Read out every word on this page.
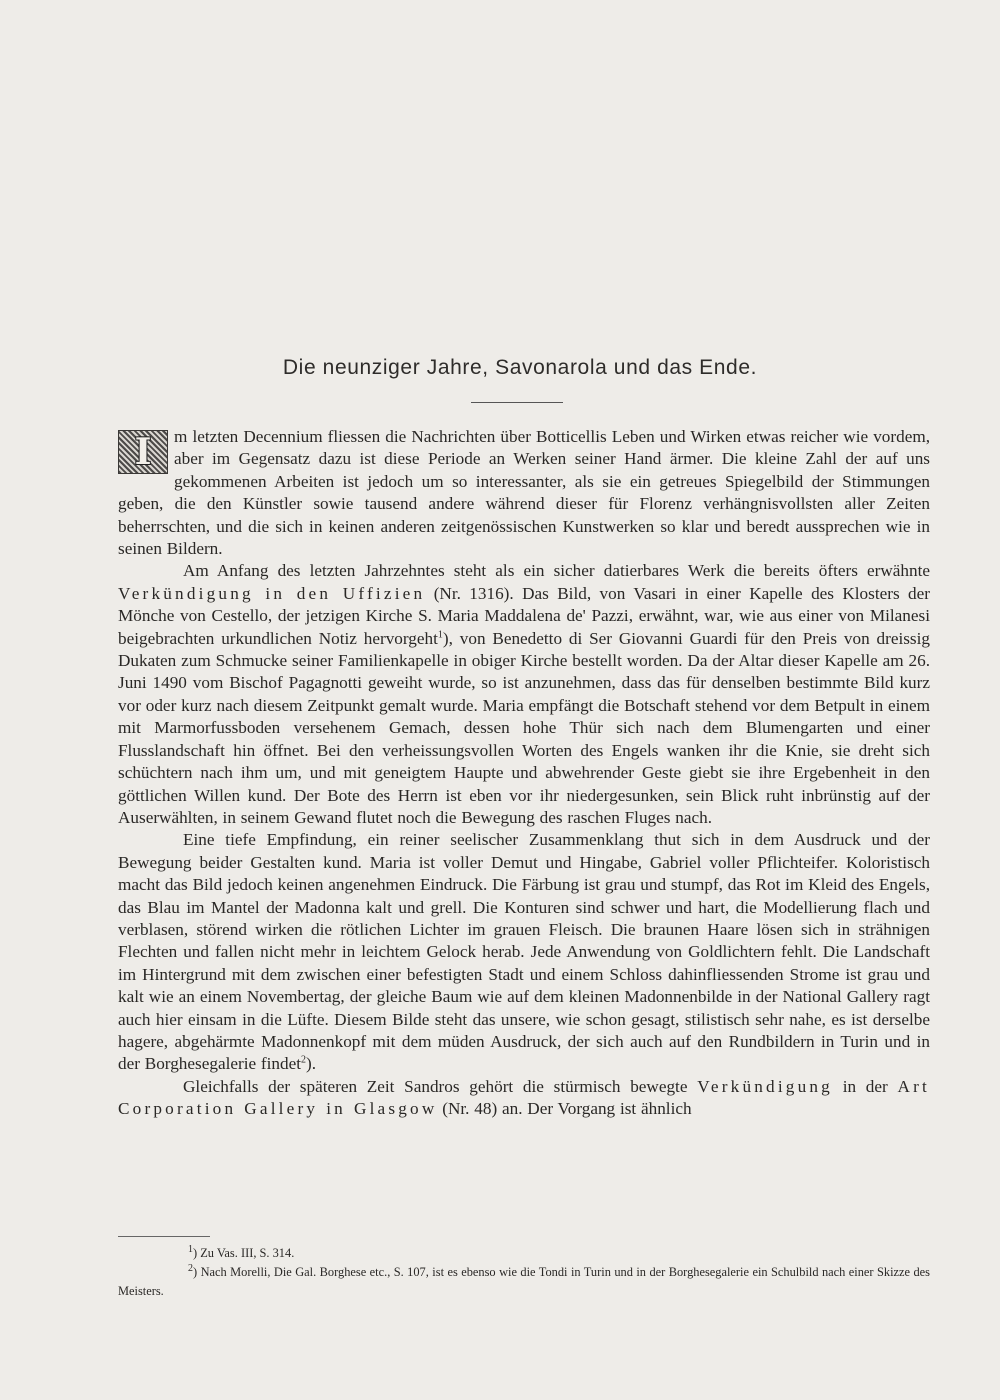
Die neunziger Jahre, Savonarola und das Ende.

I	m letzten Decennium fliessen die Nachrichten über Botticellis Leben und Wirken etwas reicher wie vordem, aber im Gegensatz dazu ist diese Periode an Werken seiner Hand ärmer. Die kleine Zahl der auf uns gekommenen Arbeiten ist jedoch um so interessanter, als sie ein getreues Spiegelbild der Stimmungen geben, die den Künstler sowie tausend andere während dieser für Florenz verhängnisvollsten aller Zeiten beherrschten, und die sich in keinen anderen zeitgenössischen Kunstwerken so klar und beredt aussprechen wie in seinen Bildern.

Am Anfang des letzten Jahrzehntes steht als ein sicher datierbares Werk die bereits öfters erwähnte Verkündigung in den Uffizien (Nr. 1316). Das Bild, von Vasari in einer Kapelle des Klosters der Mönche von Cestello, der jetzigen Kirche S. Maria Maddalena de' Pazzi, erwähnt, war, wie aus einer von Milanesi beigebrachten urkundlichen Notiz hervorgeht$^1$), von Benedetto di Ser Giovanni Guardi für den Preis von dreissig Dukaten zum Schmucke seiner Familienkapelle in obiger Kirche bestellt worden. Da der Altar dieser Kapelle am 26. Juni 1490 vom Bischof Pagagnotti geweiht wurde, so ist anzunehmen, dass das für denselben bestimmte Bild kurz vor oder kurz nach diesem Zeitpunkt gemalt wurde. Maria empfängt die Botschaft stehend vor dem Betpult in einem mit Marmorfussboden versehenem Gemach, dessen hohe Thür sich nach dem Blumengarten und einer Flusslandschaft hin öffnet. Bei den verheissungsvollen Worten des Engels wanken ihr die Knie, sie dreht sich schüchtern nach ihm um, und mit geneigtem Haupte und abwehrender Geste giebt sie ihre Ergebenheit in den göttlichen Willen kund. Der Bote des Herrn ist eben vor ihr niedergesunken, sein Blick ruht inbrünstig auf der Auserwählten, in seinem Gewand flutet noch die Bewegung des raschen Fluges nach.

Eine tiefe Empfindung, ein reiner seelischer Zusammenklang thut sich in dem Ausdruck und der Bewegung beider Gestalten kund. Maria ist voller Demut und Hingabe, Gabriel voller Pflichteifer. Koloristisch macht das Bild jedoch keinen angenehmen Eindruck. Die Färbung ist grau und stumpf, das Rot im Kleid des Engels, das Blau im Mantel der Madonna kalt und grell. Die Konturen sind schwer und hart, die Modellierung flach und verblasen, störend wirken die rötlichen Lichter im grauen Fleisch. Die braunen Haare lösen sich in strähnigen Flechten und fallen nicht mehr in leichtem Gelock herab. Jede Anwendung von Goldlichtern fehlt. Die Landschaft im Hintergrund mit dem zwischen einer befestigten Stadt und einem Schloss dahinfliessenden Strome ist grau und kalt wie an einem Novembertag, der gleiche Baum wie auf dem kleinen Madonnenbilde in der National Gallery ragt auch hier einsam in die Lüfte. Diesem Bilde steht das unsere, wie schon gesagt, stilistisch sehr nahe, es ist derselbe hagere, abgehärmte Madonnenkopf mit dem müden Ausdruck, der sich auch auf den Rundbildern in Turin und in der Borghesegalerie findet$^2$).

Gleichfalls der späteren Zeit Sandros gehört die stürmisch bewegte Verkündigung in der Art Corporation Gallery in Glasgow (Nr. 48) an. Der Vorgang ist ähnlich

$^1$) Zu Vas. III, S. 314.

$^2$) Nach Morelli, Die Gal. Borghese etc., S. 107, ist es ebenso wie die Tondi in Turin und in der Borghesegalerie ein Schulbild nach einer Skizze des Meisters.
